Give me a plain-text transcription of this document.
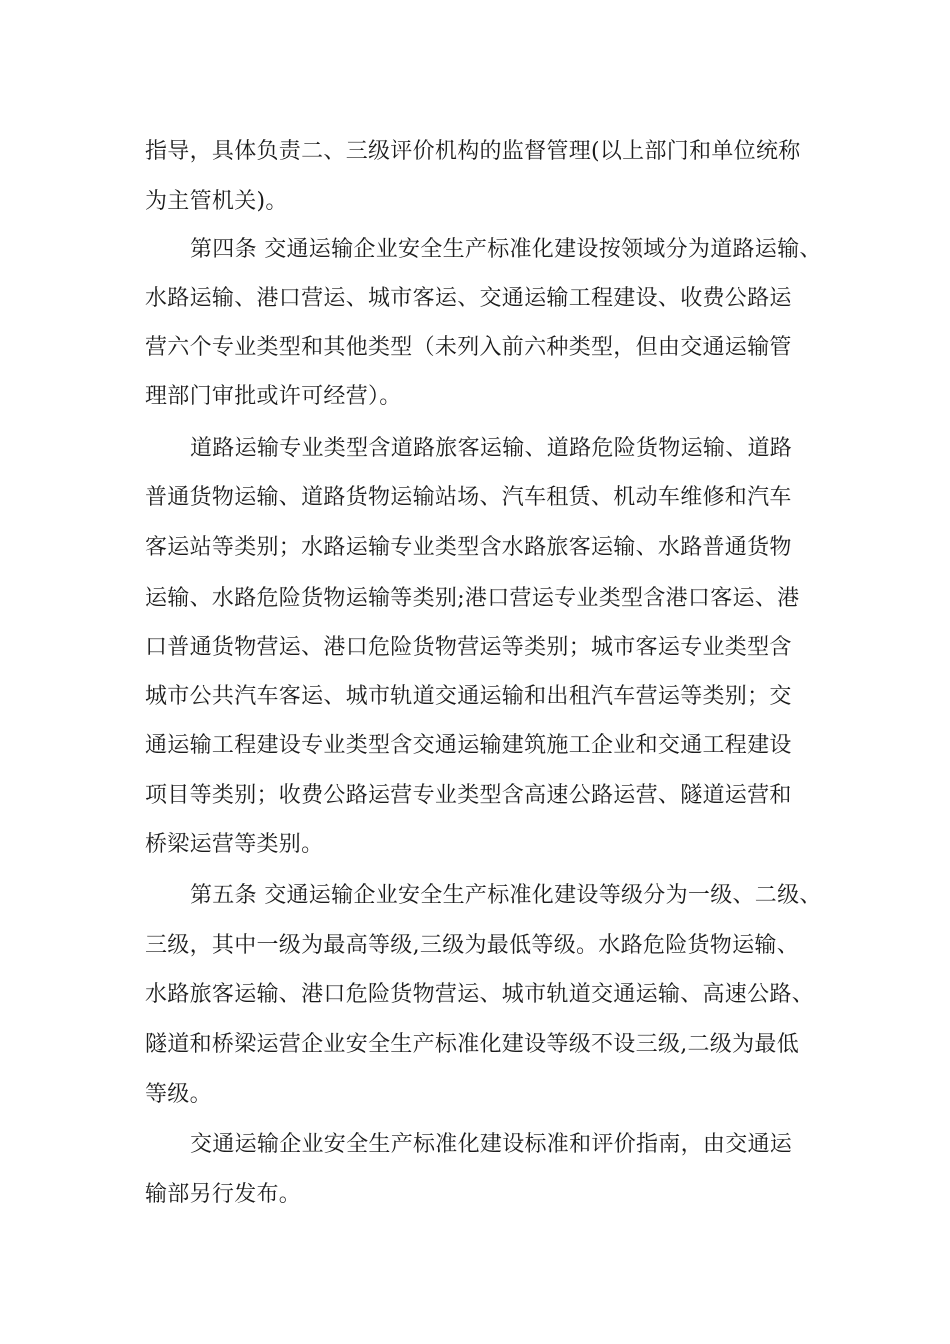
指导，具体负责二、三级评价机构的监督管理(以上部门和单位统称
为主管机关)。
第四条 交通运输企业安全生产标准化建设按领域分为道路运输、
水路运输、港口营运、城市客运、交通运输工程建设、收费公路运
营六个专业类型和其他类型（未列入前六种类型，但由交通运输管
理部门审批或许可经营）。
道路运输专业类型含道路旅客运输、道路危险货物运输、道路
普通货物运输、道路货物运输站场、汽车租赁、机动车维修和汽车
客运站等类别；水路运输专业类型含水路旅客运输、水路普通货物
运输、水路危险货物运输等类别;港口营运专业类型含港口客运、港
口普通货物营运、港口危险货物营运等类别；城市客运专业类型含
城市公共汽车客运、城市轨道交通运输和出租汽车营运等类别；交
通运输工程建设专业类型含交通运输建筑施工企业和交通工程建设
项目等类别；收费公路运营专业类型含高速公路运营、隧道运营和
桥梁运营等类别。
第五条 交通运输企业安全生产标准化建设等级分为一级、二级、
三级，其中一级为最高等级,三级为最低等级。水路危险货物运输、
水路旅客运输、港口危险货物营运、城市轨道交通运输、高速公路、
隧道和桥梁运营企业安全生产标准化建设等级不设三级,二级为最低
等级。
交通运输企业安全生产标准化建设标准和评价指南，由交通运
输部另行发布。
